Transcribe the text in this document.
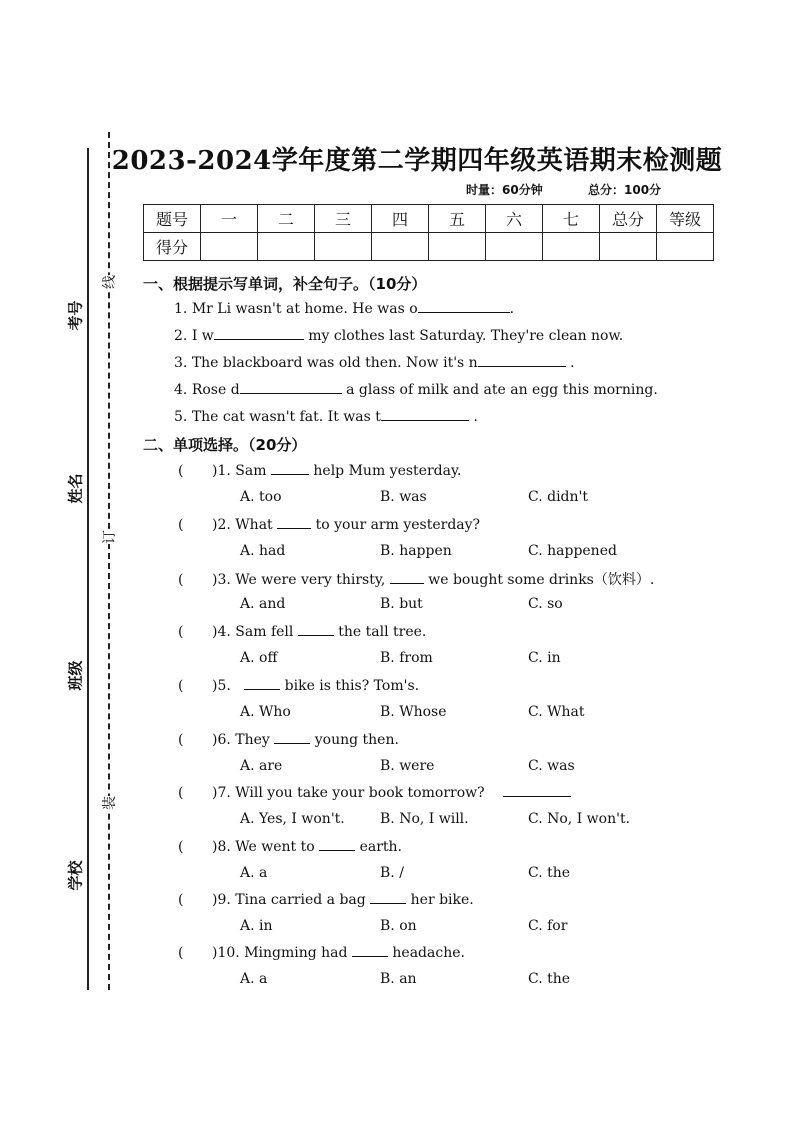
考号
姓名
班级
学校
线
订
装
2023-2024学年度第二学期四年级英语期末检测题
时量：60分钟	总分：100分
题号	一	二	三	四	五	六	七	总分	等级
得分									
一、根据提示写单词，补全句子。（10分）
1. Mr Li wasn't at home. He was o	.
2. I w	my clothes last Saturday. They're clean now.
3. The blackboard was old then. Now it's n	.
4. Rose d	a glass of milk and ate an egg this morning.
5. The cat wasn't fat. It was t	.
二、单项选择。（20分）
( )1. Sam	help Mum yesterday.
A. too	B. was	C. didn't
( )2. What	to your arm yesterday?
A. had	B. happen	C. happened
( )3. We were very thirsty,	we bought some drinks（饮料）.
A. and	B. but	C. so
( )4. Sam fell	the tall tree.
A. off	B. from	C. in
( )5.	bike is this? Tom's.
A. Who	B. Whose	C. What
( )6. They	young then.
A. are	B. were	C. was
( )7. Will you take your book tomorrow?
A. Yes, I won't.	B. No, I will.	C. No, I won't.
( )8. We went to	earth.
A. a	B. /	C. the
( )9. Tina carried a bag	her bike.
A. in	B. on	C. for
( )10. Mingming had	headache.
A. a	B. an	C. the
